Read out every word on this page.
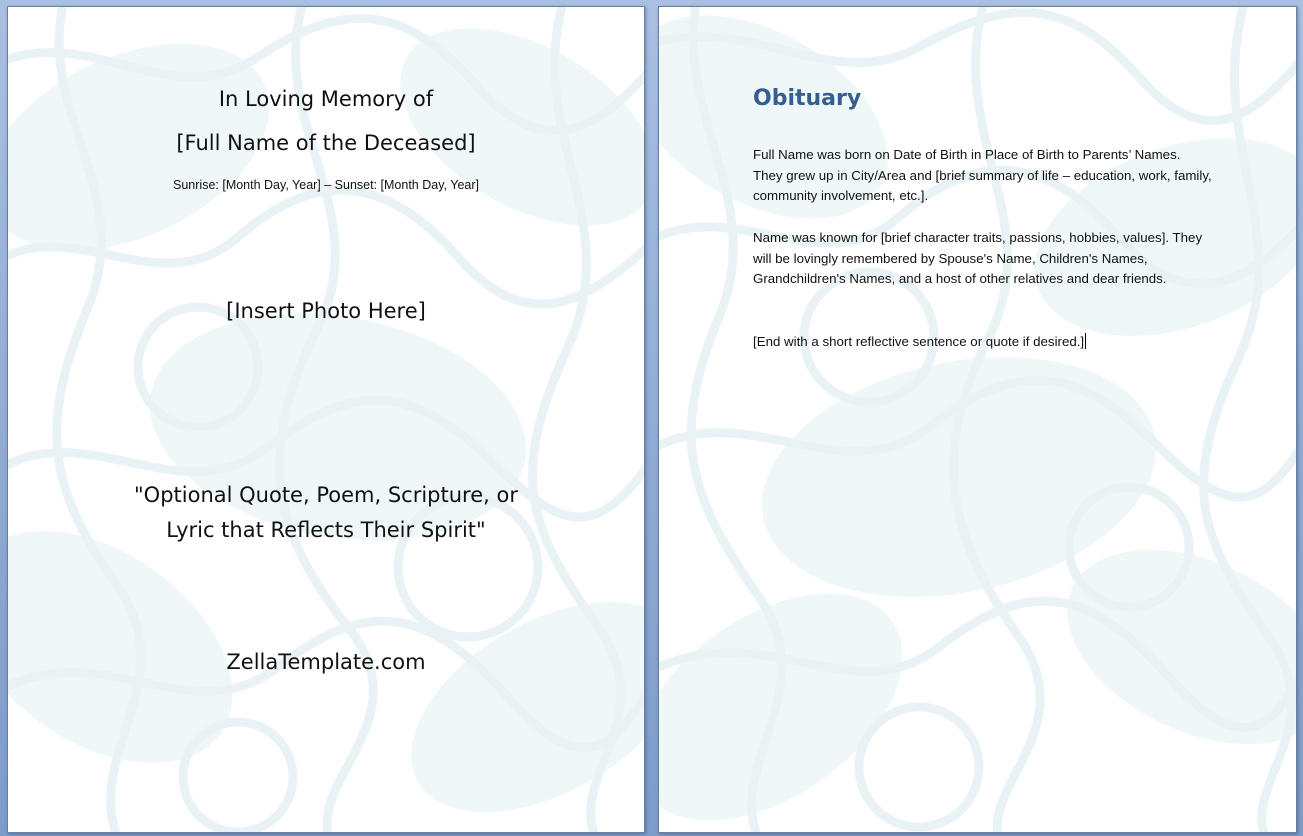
In Loving Memory of

[Full Name of the Deceased]

Sunrise: [Month Day, Year] – Sunset: [Month Day, Year]

[Insert Photo Here]

"Optional Quote, Poem, Scripture, or
Lyric that Reflects Their Spirit"

ZellaTemplate.com

Obituary

Full Name was born on Date of Birth in Place of Birth to Parents’ Names. They grew up in City/Area and [brief summary of life – education, work, family, community involvement, etc.].

Name was known for [brief character traits, passions, hobbies, values]. They will be lovingly remembered by Spouse's Name, Children's Names, Grandchildren's Names, and a host of other relatives and dear friends.

[End with a short reflective sentence or quote if desired.]
